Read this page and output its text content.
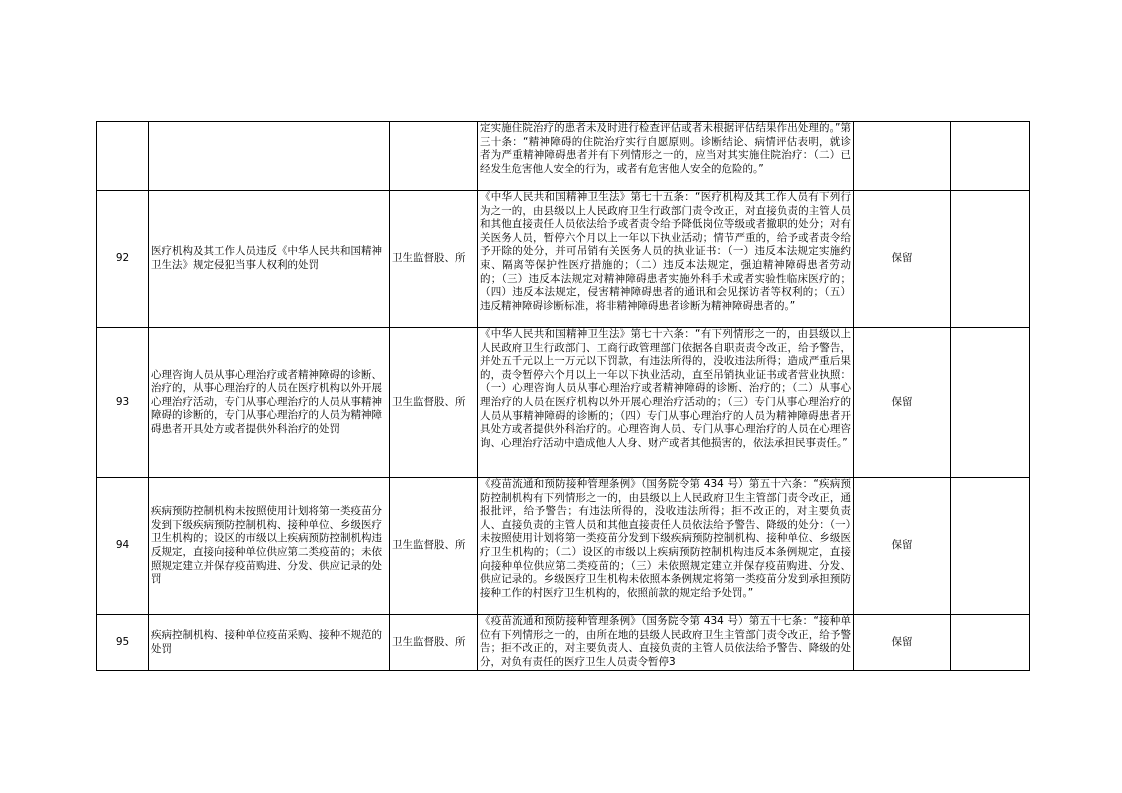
			定实施住院治疗的患者未及时进行检查评估或者未根据评估结果作出处理的。”第三十条：“精神障碍的住院治疗实行自愿原则。诊断结论、病情评估表明，就诊者为严重精神障碍患者并有下列情形之一的，应当对其实施住院治疗：（二）已经发生危害他人安全的行为，或者有危害他人安全的危险的。”		

92	医疗机构及其工作人员违反《中华人民共和国精神卫生法》规定侵犯当事人权利的处罚	卫生监督股、所	《中华人民共和国精神卫生法》第七十五条：“医疗机构及其工作人员有下列行为之一的，由县级以上人民政府卫生行政部门责令改正，对直接负责的主管人员和其他直接责任人员依法给予或者责令给予降低岗位等级或者撤职的处分；对有关医务人员，暂停六个月以上一年以下执业活动；情节严重的，给予或者责令给予开除的处分，并可吊销有关医务人员的执业证书：（一）违反本法规定实施约束、隔离等保护性医疗措施的；（二）违反本法规定，强迫精神障碍患者劳动的；（三）违反本法规定对精神障碍患者实施外科手术或者实验性临床医疗的；（四）违反本法规定，侵害精神障碍患者的通讯和会见探访者等权利的；（五）违反精神障碍诊断标准，将非精神障碍患者诊断为精神障碍患者的。”	保留	
93	心理咨询人员从事心理治疗或者精神障碍的诊断、治疗的，从事心理治疗的人员在医疗机构以外开展心理治疗活动，专门从事心理治疗的人员从事精神障碍的诊断的，专门从事心理治疗的人员为精神障碍患者开具处方或者提供外科治疗的处罚	卫生监督股、所	《中华人民共和国精神卫生法》第七十六条：“有下列情形之一的，由县级以上人民政府卫生行政部门、工商行政管理部门依据各自职责责令改正，给予警告，并处五千元以上一万元以下罚款，有违法所得的，没收违法所得；造成严重后果的，责令暂停六个月以上一年以下执业活动，直至吊销执业证书或者营业执照：（一）心理咨询人员从事心理治疗或者精神障碍的诊断、治疗的；（二）从事心理治疗的人员在医疗机构以外开展心理治疗活动的；（三）专门从事心理治疗的人员从事精神障碍的诊断的；（四）专门从事心理治疗的人员为精神障碍患者开具处方或者提供外科治疗的。心理咨询人员、专门从事心理治疗的人员在心理咨询、心理治疗活动中造成他人人身、财产或者其他损害的，依法承担民事责任。”	保留	
94	疾病预防控制机构未按照使用计划将第一类疫苗分发到下级疾病预防控制机构、接种单位、乡级医疗卫生机构的；设区的市级以上疾病预防控制机构违反规定，直接向接种单位供应第二类疫苗的；未依照规定建立并保存疫苗购进、分发、供应记录的处罚	卫生监督股、所	《疫苗流通和预防接种管理条例》（国务院令第 434 号）第五十六条：“疾病预防控制机构有下列情形之一的，由县级以上人民政府卫生主管部门责令改正，通报批评，给予警告；有违法所得的，没收违法所得；拒不改正的，对主要负责人、直接负责的主管人员和其他直接责任人员依法给予警告、降级的处分：（一）未按照使用计划将第一类疫苗分发到下级疾病预防控制机构、接种单位、乡级医疗卫生机构的；（二）设区的市级以上疾病预防控制机构违反本条例规定，直接向接种单位供应第二类疫苗的；（三）未依照规定建立并保存疫苗购进、分发、供应记录的。乡级医疗卫生机构未依照本条例规定将第一类疫苗分发到承担预防接种工作的村医疗卫生机构的，依照前款的规定给予处罚。”	保留	
95	疾病控制机构、接种单位疫苗采购、接种不规范的处罚	卫生监督股、所	《疫苗流通和预防接种管理条例》（国务院令第 434 号）第五十七条：“接种单位有下列情形之一的，由所在地的县级人民政府卫生主管部门责令改正，给予警告；拒不改正的，对主要负责人、直接负责的主管人员依法给予警告、降级的处分，对负有责任的医疗卫生人员责令暂停3	保留	
